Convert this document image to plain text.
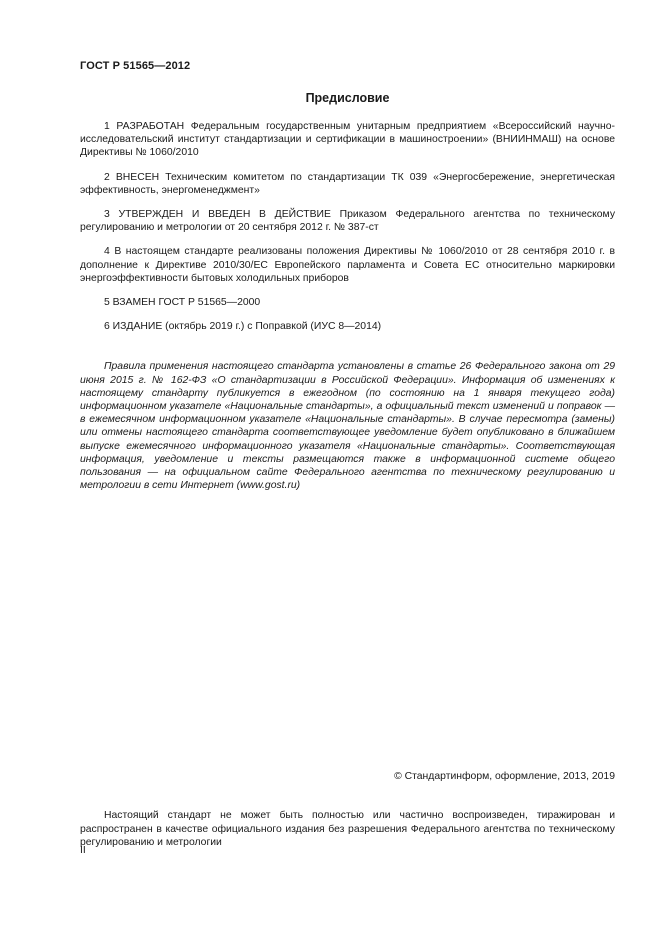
ГОСТ Р 51565—2012
Предисловие

1 РАЗРАБОТАН Федеральным государственным унитарным предприятием «Всероссийский научно-исследовательский институт стандартизации и сертификации в машиностроении» (ВНИИНМАШ) на основе Директивы № 1060/2010

2 ВНЕСЕН Техническим комитетом по стандартизации ТК 039 «Энергосбережение, энергетическая эффективность, энергоменеджмент»

3 УТВЕРЖДЕН И ВВЕДЕН В ДЕЙСТВИЕ Приказом Федерального агентства по техническому регулированию и метрологии от 20 сентября 2012 г. № 387-ст

4 В настоящем стандарте реализованы положения Директивы № 1060/2010 от 28 сентября 2010 г. в дополнение к Директиве 2010/30/ЕС Европейского парламента и Совета ЕС относительно маркировки энергоэффективности бытовых холодильных приборов

5 ВЗАМЕН ГОСТ Р 51565—2000

6 ИЗДАНИЕ (октябрь 2019 г.) с Поправкой (ИУС 8—2014)

Правила применения настоящего стандарта установлены в статье 26 Федерального закона от 29 июня 2015 г. № 162-ФЗ «О стандартизации в Российской Федерации». Информация об изменениях к настоящему стандарту публикуется в ежегодном (по состоянию на 1 января текущего года) информационном указателе «Национальные стандарты», а официальный текст изменений и поправок — в ежемесячном информационном указателе «Национальные стандарты». В случае пересмотра (замены) или отмены настоящего стандарта соответствующее уведомление будет опубликовано в ближайшем выпуске ежемесячного информационного указателя «Национальные стандарты». Соответствующая информация, уведомление и тексты размещаются также в информационной системе общего пользования — на официальном сайте Федерального агентства по техническому регулированию и метрологии в сети Интернет (www.gost.ru)

© Стандартинформ, оформление, 2013, 2019

Настоящий стандарт не может быть полностью или частично воспроизведен, тиражирован и распространен в качестве официального издания без разрешения Федерального агентства по техническому регулированию и метрологии

II
